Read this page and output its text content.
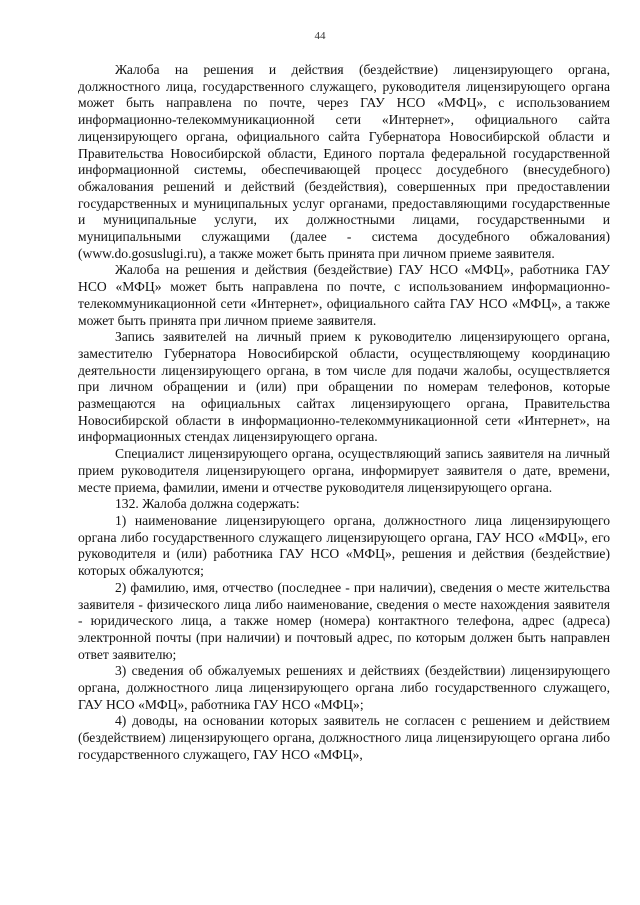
44

Жалоба на решения и действия (бездействие) лицензирующего органа, должностного лица, государственного служащего, руководителя лицензирующего органа может быть направлена по почте, через ГАУ НСО «МФЦ», с использованием информационно-телекоммуникационной сети «Интернет», официального сайта лицензирующего органа, официального сайта Губернатора Новосибирской области и Правительства Новосибирской области, Единого портала федеральной государственной информационной системы, обеспечивающей процесс досудебного (внесудебного) обжалования решений и действий (бездействия), совершенных при предоставлении государственных и муниципальных услуг органами, предоставляющими государственные и муниципальные услуги, их должностными лицами, государственными и муниципальными служащими (далее - система досудебного обжалования) (www.do.gosuslugi.ru), а также может быть принята при личном приеме заявителя.

Жалоба на решения и действия (бездействие) ГАУ НСО «МФЦ», работника ГАУ НСО «МФЦ» может быть направлена по почте, с использованием информационно-телекоммуникационной сети «Интернет», официального сайта ГАУ НСО «МФЦ», а также может быть принята при личном приеме заявителя.

Запись заявителей на личный прием к руководителю лицензирующего органа, заместителю Губернатора Новосибирской области, осуществляющему координацию деятельности лицензирующего органа, в том числе для подачи жалобы, осуществляется при личном обращении и (или) при обращении по номерам телефонов, которые размещаются на официальных сайтах лицензирующего органа, Правительства Новосибирской области в информационно-телекоммуникационной сети «Интернет», на информационных стендах лицензирующего органа.

Специалист лицензирующего органа, осуществляющий запись заявителя на личный прием руководителя лицензирующего органа, информирует заявителя о дате, времени, месте приема, фамилии, имени и отчестве руководителя лицензирующего органа.

132. Жалоба должна содержать:

1) наименование лицензирующего органа, должностного лица лицензирующего органа либо государственного служащего лицензирующего органа, ГАУ НСО «МФЦ», его руководителя и (или) работника ГАУ НСО «МФЦ», решения и действия (бездействие) которых обжалуются;

2) фамилию, имя, отчество (последнее - при наличии), сведения о месте жительства заявителя - физического лица либо наименование, сведения о месте нахождения заявителя - юридического лица, а также номер (номера) контактного телефона, адрес (адреса) электронной почты (при наличии) и почтовый адрес, по которым должен быть направлен ответ заявителю;

3) сведения об обжалуемых решениях и действиях (бездействии) лицензирующего органа, должностного лица лицензирующего органа либо государственного служащего, ГАУ НСО «МФЦ», работника ГАУ НСО «МФЦ»;

4) доводы, на основании которых заявитель не согласен с решением и действием (бездействием) лицензирующего органа, должностного лица лицензирующего органа либо государственного служащего, ГАУ НСО «МФЦ»,
